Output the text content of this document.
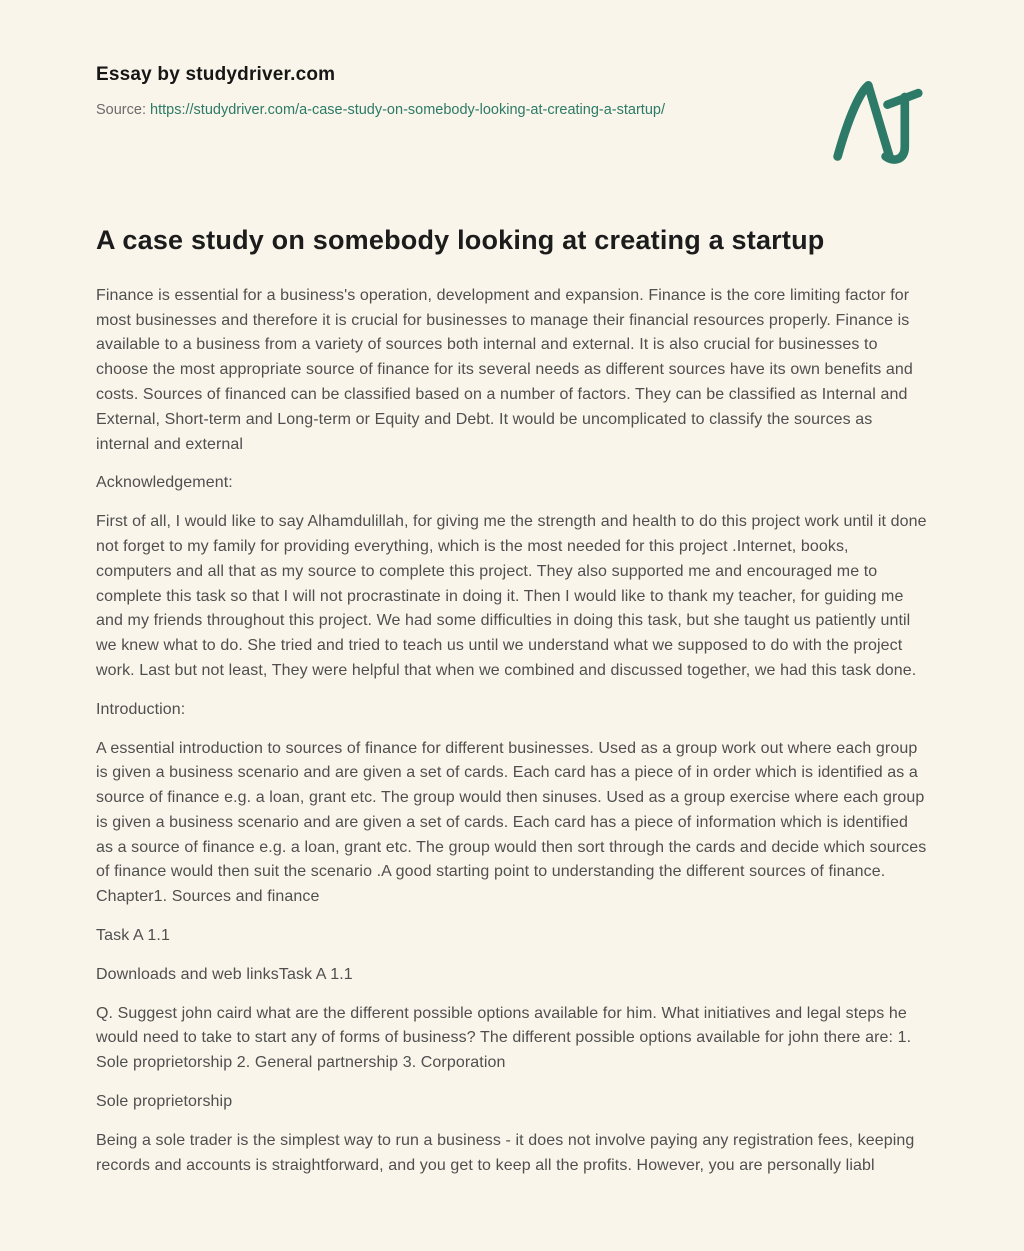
Essay by studydriver.com
Source: https://studydriver.com/a-case-study-on-somebody-looking-at-creating-a-startup/
A case study on somebody looking at creating a startup

Finance is essential for a business's operation, development and expansion. Finance is the core limiting factor for most businesses and therefore it is crucial for businesses to manage their financial resources properly. Finance is available to a business from a variety of sources both internal and external. It is also crucial for businesses to choose the most appropriate source of finance for its several needs as different sources have its own benefits and costs. Sources of financed can be classified based on a number of factors. They can be classified as Internal and External, Short-term and Long-term or Equity and Debt. It would be uncomplicated to classify the sources as internal and external

Acknowledgement:

First of all, I would like to say Alhamdulillah, for giving me the strength and health to do this project work until it done not forget to my family for providing everything, which is the most needed for this project .Internet, books, computers and all that as my source to complete this project. They also supported me and encouraged me to complete this task so that I will not procrastinate in doing it. Then I would like to thank my teacher, for guiding me and my friends throughout this project. We had some difficulties in doing this task, but she taught us patiently until we knew what to do. She tried and tried to teach us until we understand what we supposed to do with the project work. Last but not least, They were helpful that when we combined and discussed together, we had this task done.

Introduction:

A essential introduction to sources of finance for different businesses. Used as a group work out where each group is given a business scenario and are given a set of cards. Each card has a piece of in order which is identified as a source of finance e.g. a loan, grant etc. The group would then sinuses. Used as a group exercise where each group is given a business scenario and are given a set of cards. Each card has a piece of information which is identified as a source of finance e.g. a loan, grant etc. The group would then sort through the cards and decide which sources of finance would then suit the scenario .A good starting point to understanding the different sources of finance. Chapter1. Sources and finance

Task A 1.1

Downloads and web linksTask A 1.1

Q. Suggest john caird what are the different possible options available for him. What initiatives and legal steps he would need to take to start any of forms of business? The different possible options available for john there are: 1. Sole proprietorship 2. General partnership 3. Corporation

Sole proprietorship

Being a sole trader is the simplest way to run a business - it does not involve paying any registration fees, keeping records and accounts is straightforward, and you get to keep all the profits. However, you are personally liabl
